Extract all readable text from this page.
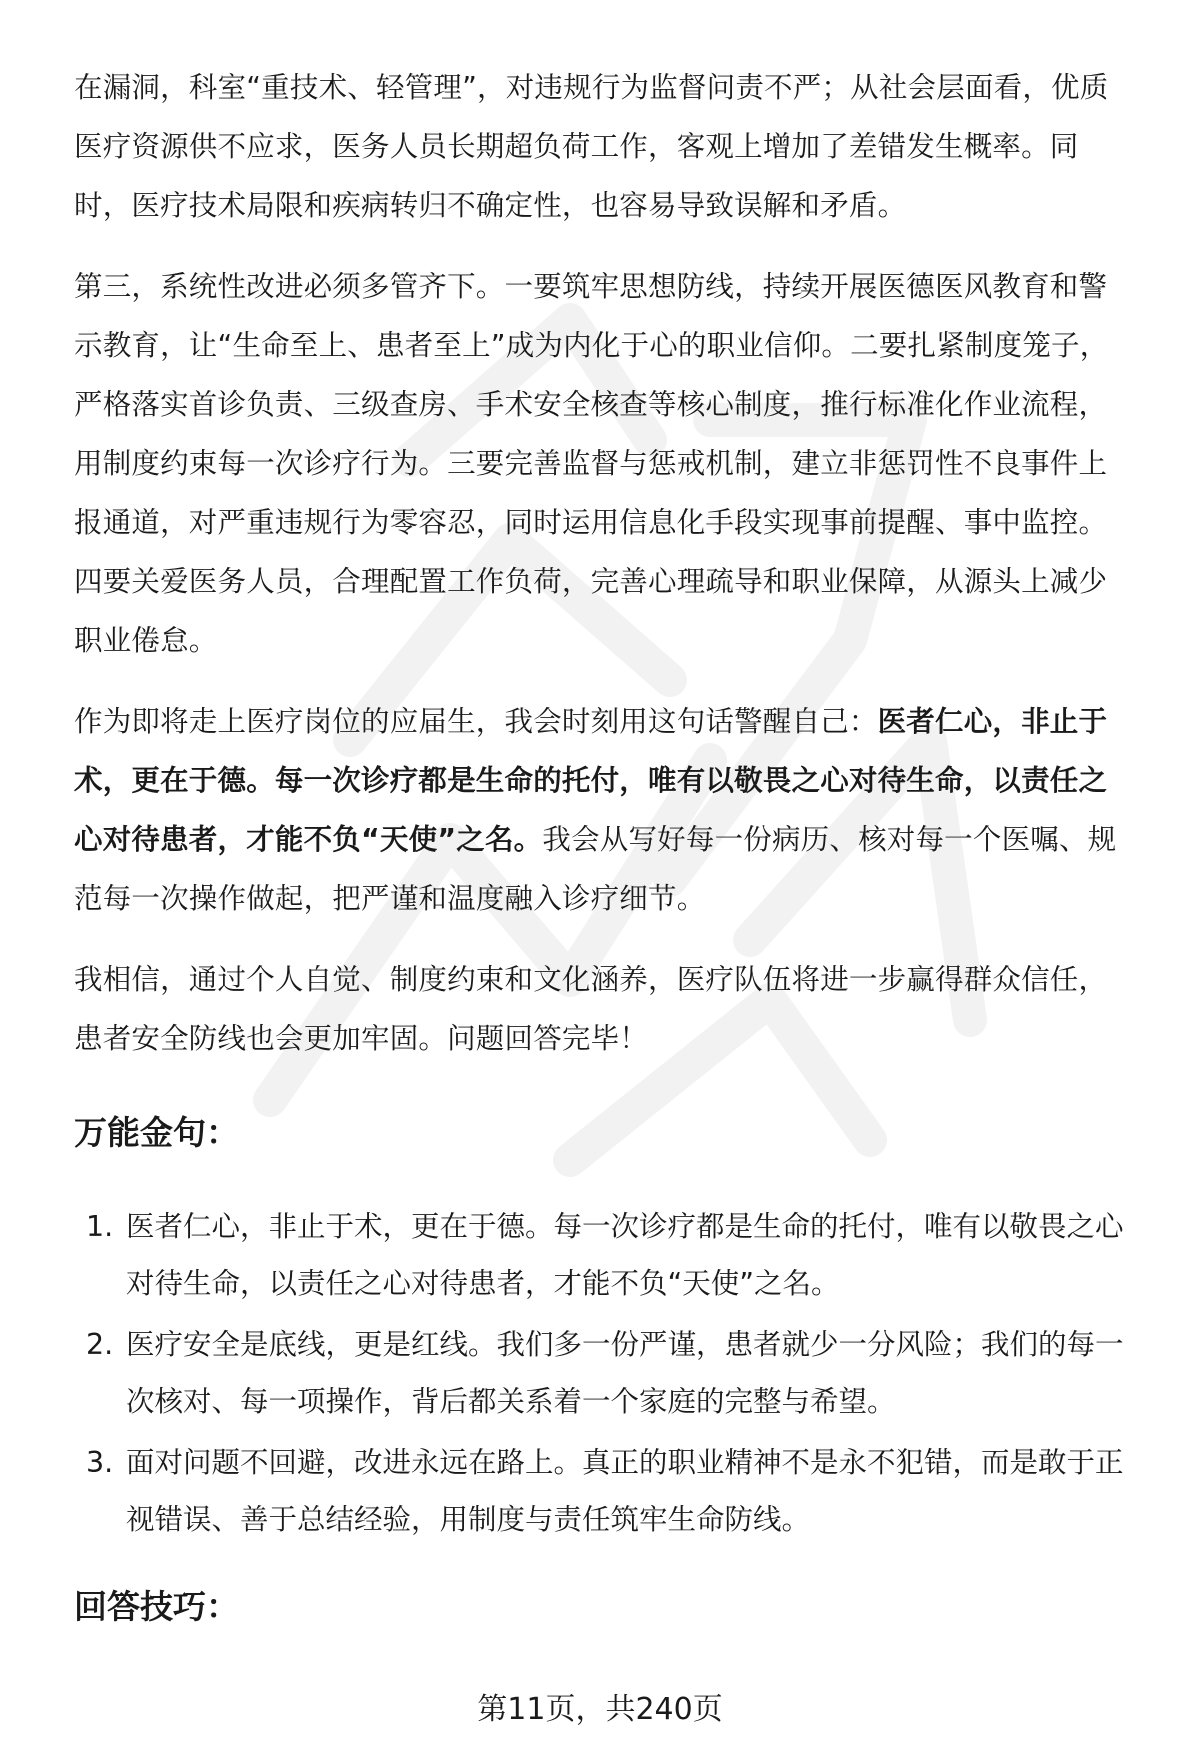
在漏洞，科室“重技术、轻管理”，对违规行为监督问责不严；从社会层面看，优质医疗资源供不应求，医务人员长期超负荷工作，客观上增加了差错发生概率。同时，医疗技术局限和疾病转归不确定性，也容易导致误解和矛盾。

第三，系统性改进必须多管齐下。一要筑牢思想防线，持续开展医德医风教育和警示教育，让“生命至上、患者至上”成为内化于心的职业信仰。二要扎紧制度笼子，严格落实首诊负责、三级查房、手术安全核查等核心制度，推行标准化作业流程，用制度约束每一次诊疗行为。三要完善监督与惩戒机制，建立非惩罚性不良事件上报通道，对严重违规行为零容忍，同时运用信息化手段实现事前提醒、事中监控。四要关爱医务人员，合理配置工作负荷，完善心理疏导和职业保障，从源头上减少职业倦怠。

作为即将走上医疗岗位的应届生，我会时刻用这句话警醒自己：医者仁心，非止于术，更在于德。每一次诊疗都是生命的托付，唯有以敬畏之心对待生命，以责任之心对待患者，才能不负“天使”之名。我会从写好每一份病历、核对每一个医嘱、规范每一次操作做起，把严谨和温度融入诊疗细节。

我相信，通过个人自觉、制度约束和文化涵养，医疗队伍将进一步赢得群众信任，患者安全防线也会更加牢固。问题回答完毕！

万能金句：
1. 医者仁心，非止于术，更在于德。每一次诊疗都是生命的托付，唯有以敬畏之心对待生命，以责任之心对待患者，才能不负“天使”之名。
2. 医疗安全是底线，更是红线。我们多一份严谨，患者就少一分风险；我们的每一次核对、每一项操作，背后都关系着一个家庭的完整与希望。
3. 面对问题不回避，改进永远在路上。真正的职业精神不是永不犯错，而是敢于正视错误、善于总结经验，用制度与责任筑牢生命防线。
回答技巧：
第11页，共240页
